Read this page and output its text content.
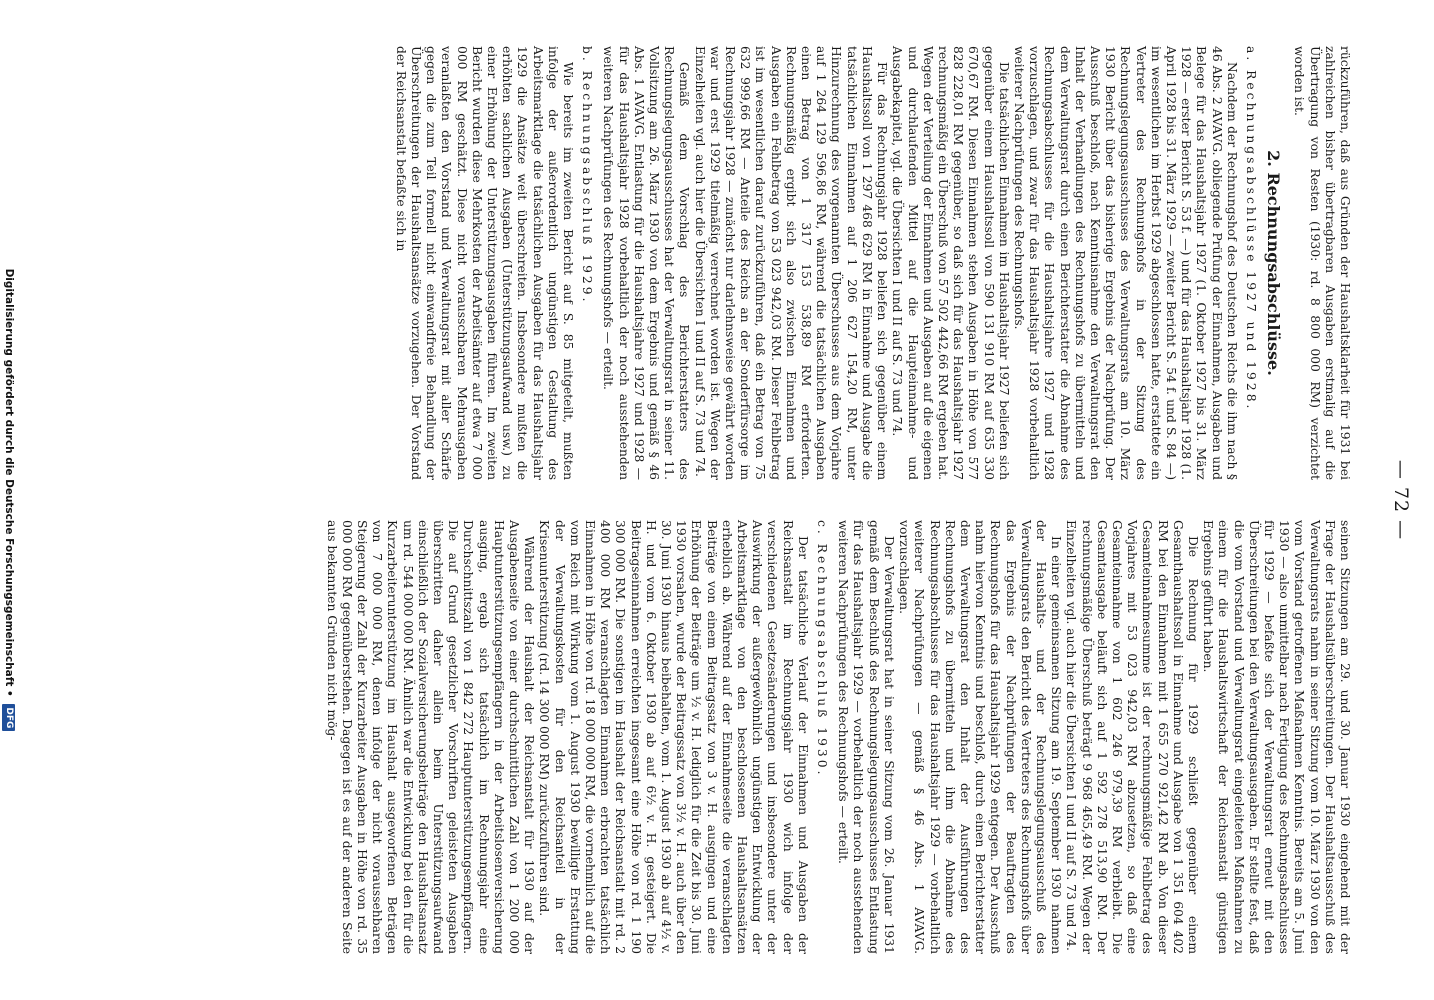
— 72 —

rückzuführen, daß aus Gründen der Haushaltsklarheit für 1931 bei zahlreichen bisher übertragbaren Ausgaben erstmalig auf die Übertragung von Resten (1930: rd. 8 800 000 RM) verzichtet worden ist.

2. Rechnungsabschlüsse.
a. Rechnungsabschlüsse 1927 und 1928.

Nachdem der Rechnungshof des Deutschen Reichs die ihm nach § 46 Abs. 2 AVAVG. obliegende Prüfung der Einnahmen, Ausgaben und Belege für das Haushaltsjahr 1927 (1. Oktober 1927 bis 31. März 1928 — erster Bericht S. 53 f. —) und für das Haushaltsjahr 1928 (1. April 1928 bis 31. März 1929 — zweiter Bericht S. 54 f. und S. 84 —) im wesentlichen im Herbst 1929 abgeschlossen hatte, erstattete ein Vertreter des Rechnungshofs in der Sitzung des Rechnungslegungsausschusses des Verwaltungsrats am 10. März 1930 Bericht über das bisherige Ergebnis der Nachprüfung. Der Ausschuß beschloß, nach Kenntnisnahme den Verwaltungsrat den Inhalt der Verhandlungen des Rechnungshofs zu übermitteln und dem Verwaltungsrat durch einen Berichterstatter die Abnahme des Rechnungsabschlusses für die Haushaltsjahre 1927 und 1928 vorzuschlagen, und zwar für das Haushaltsjahr 1928 vorbehaltlich weiterer Nachprüfungen des Rechnungshofs.

Die tatsächlichen Einnahmen im Haushaltsjahr 1927 beliefen sich gegenüber einem Haushaltssoll von 590 131 910 RM auf 635 330 670,67 RM. Diesen Einnahmen stehen Ausgaben in Höhe von 577 828 228,01 RM gegenüber, so daß sich für das Haushaltsjahr 1927 rechnungsmäßig ein Überschuß von 57 502 442,66 RM ergeben hat. Wegen der Verteilung der Einnahmen und Ausgaben auf die eigenen und durchlaufenden Mittel auf die Haupteinnahme- und Ausgabekapitel, vgl. die Übersichten I und II auf S. 73 und 74.

Für das Rechnungsjahr 1928 beliefen sich gegenüber einem Haushaltssoll von 1 297 468 629 RM in Einnahme und Ausgabe die tatsächlichen Einnahmen auf 1 206 627 154,20 RM, unter Hinzurechnung des vorgenannten Überschusses aus dem Vorjahre auf 1 264 129 596,86 RM, während die tatsächlichen Ausgaben einen Betrag von 1 317 153 538,89 RM erforderten. Rechnungsmäßig ergibt sich also zwischen Einnahmen und Ausgaben ein Fehlbetrag von 53 023 942,03 RM. Dieser Fehlbetrag ist im wesentlichen darauf zurückzuführen, daß ein Betrag von 75 632 999,66 RM — Anteile des Reichs an der Sonderfürsorge im Rechnungsjahr 1928 — zunächst nur darlehnsweise gewährt worden war und erst 1929 titelmäßig verrechnet worden ist. Wegen der Einzelheiten vgl. auch hier die Übersichten I und II auf S. 73 und 74.

Gemäß dem Vorschlag des Berichterstatters des Rechnungslegungsausschusses hat der Verwaltungsrat in seiner 11. Vollsitzung am 26. März 1930 von dem Ergebnis und gemäß § 46 Abs. 1 AVAVG. Entlastung für die Haushaltsjahre 1927 und 1928 — für das Haushaltsjahr 1928 vorbehaltlich der noch ausstehenden weiteren Nachprüfungen des Rechnungshofs — erteilt.

b. Rechnungsabschluß 1929.

Wie bereits im zweiten Bericht auf S. 85 mitgeteilt, mußten infolge der außerordentlich ungünstigen Gestaltung des Arbeitsmarktlage die tatsächlichen Ausgaben für das Haushaltsjahr 1929 die Ansätze weit überschreiten. Insbesondere mußten die erhöhten sachlichen Ausgaben (Unterstützungsaufwand usw.) zu einer Erhöhung der Unterstützungsausgaben führen. Im zweiten Bericht wurden diese Mehrkosten der Arbeitsämter auf etwa 7 000 000 RM geschätzt. Diese nicht vorausschbaren Mehrausgaben veranlaßten den Vorstand und Verwaltungsrat mit aller Schärfe gegen die zum Teil formell nicht einwandfreie Behandlung der Überschreitungen der Haushaltsansätze vorzugehen. Der Vorstand der Reichsanstalt befaßte sich in

seinen Sitzungen am 29. und 30. Januar 1930 eingehend mit der Frage der Haushaltsüberschreitungen. Der Haushaltsausschuß des Verwaltungsrats nahm in seiner Sitzung vom 10. März 1930 von den vom Vorstand getroffenen Maßnahmen Kenntnis. Bereits am 5. Juni 1930 — also unmittelbar nach Fertigung des Rechnungsabschlusses für 1929 — befaßte sich der Verwaltungsrat erneut mit den Überschreitungen bei den Verwaltungsausgaben. Er stellte fest, daß die vom Vorstand und Verwaltungsrat eingeleiteten Maßnahmen zu einem für die Haushaltswirtschaft der Reichsanstalt günstigen Ergebnis geführt haben.

Die Rechnung für 1929 schließt gegenüber einem Gesamthaushaltssoll in Einnahme und Ausgabe von 1 351 604 402 RM bei den Einnahmen mit 1 655 270 921,42 RM ab. Von dieser Gesamteinnahmesumme ist der rechnungsmäßige Fehlbetrag des Vorjahres mit 53 023 942,03 RM abzusetzen, so daß eine Gesamteinnahme von 1 602 246 979,39 RM verbleibt. Die Gesamtausgabe beläuft sich auf 1 592 278 513,90 RM. Der rechnungsmäßige Überschuß beträgt 9 968 465,49 RM. Wegen der Einzelheiten vgl. auch hier die Übersichten I und II auf S. 73 und 74.

In einer gemeinsamen Sitzung am 19. September 1930 nahmen der Haushalts- und der Rechnungslegungsausschuß des Verwaltungsrats den Bericht des Vertreters des Rechnungshofs über das Ergebnis der Nachprüfungen der Beauftragten des Rechnungshofs für das Haushaltsjahr 1929 entgegen. Der Ausschuß nahm hiervon Kenntnis und beschloß, durch einen Berichterstatter dem Verwaltungsrat den Inhalt der Ausführungen des Rechnungshofs zu übermitteln und ihm die Abnahme des Rechnungsabschlusses für das Haushaltsjahr 1929 — vorbehaltlich weiterer Nachprüfungen — gemäß § 46 Abs. 1 AVAVG. vorzuschlagen.

Der Verwaltungsrat hat in seiner Sitzung vom 26. Januar 1931 gemäß dem Beschluß des Rechnungslegungsausschusses Entlastung für das Haushaltsjahr 1929 — vorbehaltlich der noch ausstehenden weiteren Nachprüfungen des Rechnungshofs — erteilt.

c. Rechnungsabschluß 1930.

Der tatsächliche Verlauf der Einnahmen und Ausgaben der Reichsanstalt im Rechnungsjahr 1930 wich infolge der verschiedenen Gesetzesänderungen und insbesondere unter der Auswirkung der außergewöhnlich ungünstigen Entwicklung der Arbeitsmarktlage von den beschlossenen Haushaltsansätzen erheblich ab. Während auf der Einnahmeseite die veranschlagten Beiträge von einem Beitragssatz von 3 v. H. ausgingen und eine Erhöhung der Beiträge um ½ v. H. lediglich für die Zeit bis 30. Juni 1930 vorsahen, wurde der Beitragssatz von 3½ v. H. auch über den 30. Juni 1930 hinaus beibehalten, vom 1. August 1930 ab auf 4½ v. H. und vom 6. Oktober 1930 ab auf 6½ v. H. gesteigert. Die Beitragseinnahmen erreichten insgesamt eine Höhe von rd. 1 190 300 000 RM. Die sonstigen im Haushalt der Reichsanstalt mit rd. 2 400 000 RM veranschlagten Einnahmen erbrachten tatsächlich Einnahmen in Höhe von rd. 18 000 000 RM, die vornehmlich auf die vom Reich mit Wirkung vom 1. August 1930 bewilligte Erstattung der Verwaltungskosten für den Reichsanteil in der Krisenunterstützung (rd. 14 300 000 RM) zurückzuführen sind.

Während der Haushalt der Reichsanstalt für 1930 auf der Ausgabenseite von einer durchschnittlichen Zahl von 1 200 000 Hauptunterstützungsempfängern in der Arbeitslosenversicherung ausging, ergab sich tatsächlich im Rechnungsjahr eine Durchschnittszahl von 1 842 272 Hauptunterstützungsempfängern. Die auf Grund gesetzlicher Vorschriften geleisteten Ausgaben überschritten daher allein beim Unterstützungsaufwand einschließlich der Sozialversicherungsbeiträge den Haushaltsansatz um rd. 544 000 000 RM. Ähnlich war die Entwicklung bei den für die Kurzarbeiterunterstützung im Haushalt ausgeworfenen Beträgen von 7 000 000 RM, denen infolge der nicht voraussehbaren Steigerung der Zahl der Kurzarbeiter Ausgaben in Höhe von rd. 35 000 000 RM gegenüberstehen. Dagegen ist es auf der anderen Seite aus bekannten Gründen nicht mög-

Digitalisierung gefördert durch die Deutsche Forschungsgemeinschaft • DFG
